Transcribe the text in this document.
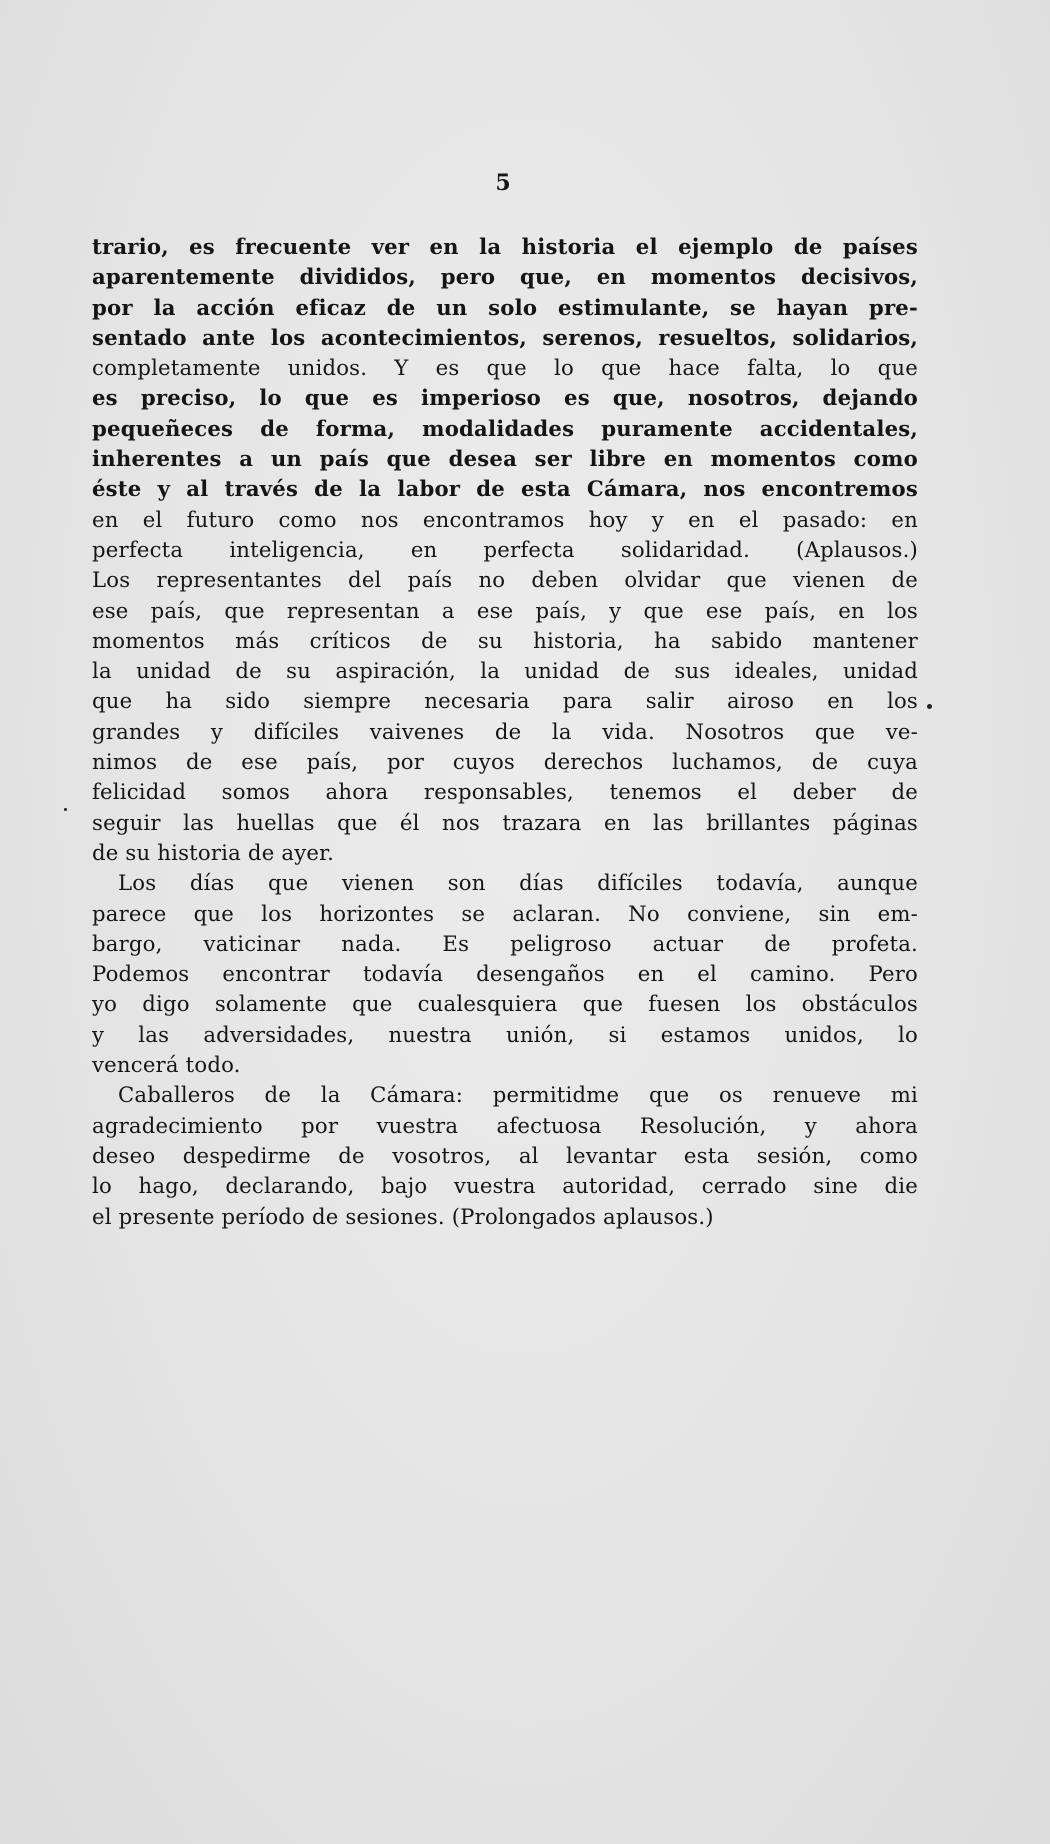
5
trario, es frecuente ver en la historia el ejemplo de países
aparentemente divididos, pero que, en momentos decisivos,
por la acción eficaz de un solo estimulante, se hayan pre-
sentado ante los acontecimientos, serenos, resueltos, solidarios,
completamente unidos. Y es que lo que hace falta, lo que
es preciso, lo que es imperioso es que, nosotros, dejando
pequeñeces de forma, modalidades puramente accidentales,
inherentes a un país que desea ser libre en momentos como
éste y al través de la labor de esta Cámara, nos encontremos
en el futuro como nos encontramos hoy y en el pasado: en
perfecta inteligencia, en perfecta solidaridad. (Aplausos.)
Los representantes del país no deben olvidar que vienen de
ese país, que representan a ese país, y que ese país, en los
momentos más críticos de su historia, ha sabido mantener
la unidad de su aspiración, la unidad de sus ideales, unidad
que ha sido siempre necesaria para salir airoso en los
grandes y difíciles vaivenes de la vida. Nosotros que ve-
nimos de ese país, por cuyos derechos luchamos, de cuya
felicidad somos ahora responsables, tenemos el deber de
seguir las huellas que él nos trazara en las brillantes páginas
de su historia de ayer.
Los días que vienen son días difíciles todavía, aunque
parece que los horizontes se aclaran. No conviene, sin em-
bargo, vaticinar nada. Es peligroso actuar de profeta.
Podemos encontrar todavía desengaños en el camino. Pero
yo digo solamente que cualesquiera que fuesen los obstáculos
y las adversidades, nuestra unión, si estamos unidos, lo
vencerá todo.
Caballeros de la Cámara: permitidme que os renueve mi
agradecimiento por vuestra afectuosa Resolución, y ahora
deseo despedirme de vosotros, al levantar esta sesión, como
lo hago, declarando, bajo vuestra autoridad, cerrado sine die
el presente período de sesiones. (Prolongados aplausos.)
